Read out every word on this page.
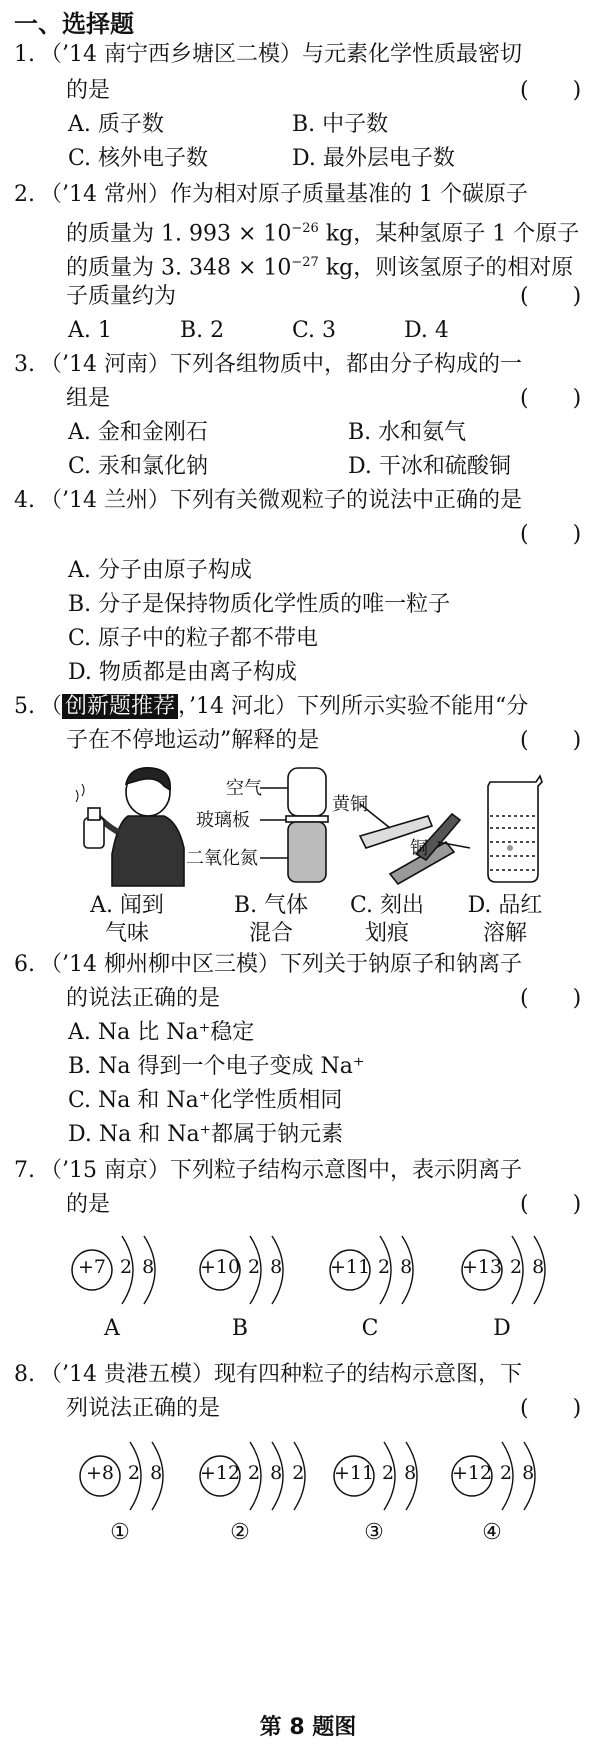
一、选择题
1. （’14 南宁西乡塘区二模）与元素化学性质最密切
的是	(　　)
A. 质子数	B. 中子数
C. 核外电子数	D. 最外层电子数
2. （’14 常州）作为相对原子质量基准的 1 个碳原子
的质量为 1. $993 \times 10^{-26}$ kg，某种氢原子 1 个原子
的质量为 3. $348 \times 10^{-27}$ kg，则该氢原子的相对原
子质量约为	(　　)
A. 1	B. 2	C. 3	D. 4
3. （’14 河南）下列各组物质中，都由分子构成的一
组是	(　　)
A. 金和金刚石	B. 水和氨气
C. 汞和氯化钠	D. 干冰和硫酸铜
4. （’14 兰州）下列有关微观粒子的说法中正确的是
(　　)
A. 分子由原子构成
B. 分子是保持物质化学性质的唯一粒子
C. 原子中的粒子都不带电
D. 物质都是由离子构成
5. （ 创新题推荐 ，’14 河北）下列所示实验不能用“分
子在不停地运动”解释的是	(　　)
空气
玻璃板
二氧化氮
黄铜
铜
A. 闻到
气味
B. 气体
混合
C. 刻出
划痕
D. 品红
溶解
6. （’14 柳州柳中区三模）下列关于钠原子和钠离子
的说法正确的是	(　　)
A. Na 比 Na⁺稳定
B. Na 得到一个电子变成 Na⁺
C. Na 和 Na⁺化学性质相同
D. Na 和 Na⁺都属于钠元素
7. （’15 南京）下列粒子结构示意图中，表示阴离子
的是	(　　)
+7 2 8
A
+10 2 8
B
+11 2 8
C
+13 2 8
D
8. （’14 贵港五模）现有四种粒子的结构示意图，下
列说法正确的是	(　　)
+8 2 8
①
+12 2 8 2
②
+11 2 8
③
+12 2 8
④
第 8 题图
